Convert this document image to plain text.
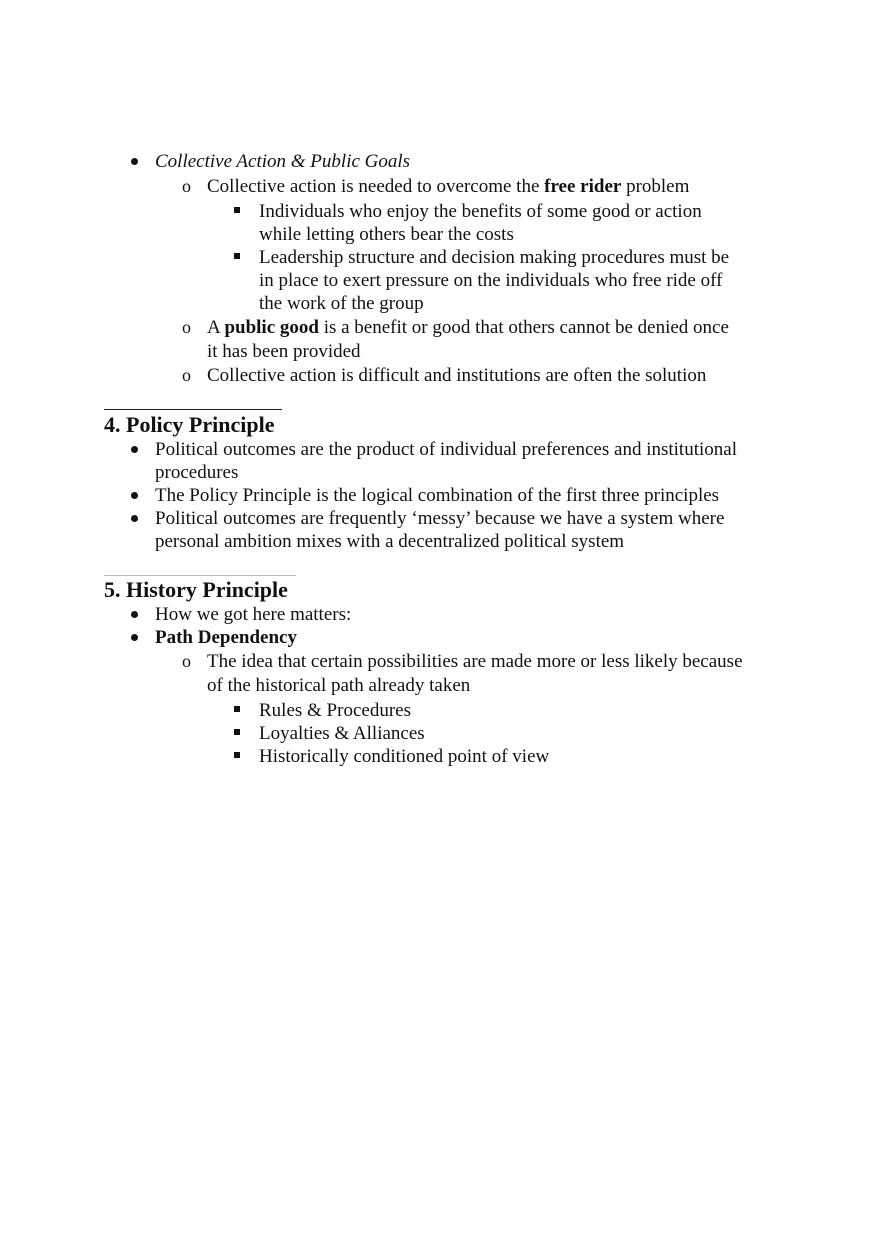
Collective Action & Public Goals
o Collective action is needed to overcome the free rider problem
Individuals who enjoy the benefits of some good or action
while letting others bear the costs
Leadership structure and decision making procedures must be
in place to exert pressure on the individuals who free ride off
the work of the group
o A public good is a benefit or good that others cannot be denied once
it has been provided
o Collective action is difficult and institutions are often the solution
4. Policy Principle
Political outcomes are the product of individual preferences and institutional
procedures
The Policy Principle is the logical combination of the first three principles
Political outcomes are frequently ‘messy’ because we have a system where
personal ambition mixes with a decentralized political system
5. History Principle
How we got here matters:
Path Dependency
o The idea that certain possibilities are made more or less likely because
of the historical path already taken
Rules & Procedures
Loyalties & Alliances
Historically conditioned point of view
